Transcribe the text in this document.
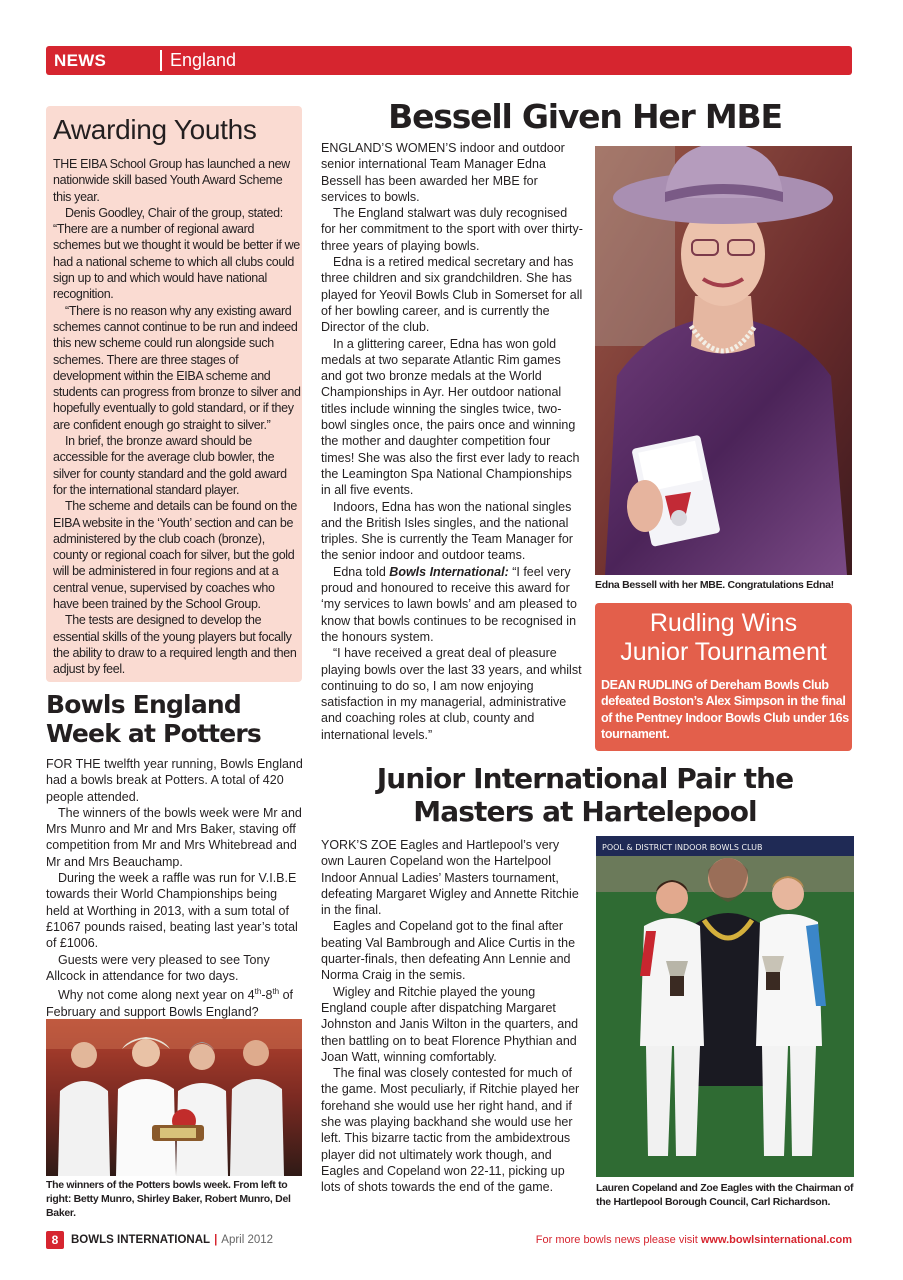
NEWS	England
Awarding Youths

THE EIBA School Group has launched a new nationwide skill based Youth Award Scheme this year.

Denis Goodley, Chair of the group, stated: “There are a number of regional award schemes but we thought it would be better if we had a national scheme to which all clubs could sign up to and which would have national recognition.

“There is no reason why any existing award schemes cannot continue to be run and indeed this new scheme could run alongside such schemes. There are three stages of development within the EIBA scheme and students can progress from bronze to silver and hopefully eventually to gold standard, or if they are confident enough go straight to silver.”

In brief, the bronze award should be accessible for the average club bowler, the silver for county standard and the gold award for the international standard player.

The scheme and details can be found on the EIBA website in the ‘Youth’ section and can be administered by the club coach (bronze), county or regional coach for silver, but the gold will be administered in four regions and at a central venue, supervised by coaches who have been trained by the School Group.

The tests are designed to develop the essential skills of the young players but focally the ability to draw to a required length and then adjust by feel.

Bowls England
Week at Potters

FOR THE twelfth year running, Bowls England had a bowls break at Potters. A total of 420 people attended.

The winners of the bowls week were Mr and Mrs Munro and Mr and Mrs Baker, staving off competition from Mr and Mrs Whitebread and Mr and Mrs Beauchamp.

During the week a raffle was run for V.I.B.E towards their World Championships being held at Worthing in 2013, with a sum total of £1067 pounds raised, beating last year’s total of £1006.

Guests were very pleased to see Tony Allcock in attendance for two days.

Why not come along next year on 4th-8th of February and support Bowls England?

The winners of the Potters bowls week. From left to right: Betty Munro, Shirley Baker, Robert Munro, Del Baker.
Bessell Given Her MBE

ENGLAND’S WOMEN’S indoor and outdoor senior international Team Manager Edna Bessell has been awarded her MBE for services to bowls.

The England stalwart was duly recognised for her commitment to the sport with over thirty-three years of playing bowls.

Edna is a retired medical secretary and has three children and six grandchildren. She has played for Yeovil Bowls Club in Somerset for all of her bowling career, and is currently the Director of the club.

In a glittering career, Edna has won gold medals at two separate Atlantic Rim games and got two bronze medals at the World Championships in Ayr. Her outdoor national titles include winning the singles twice, two-bowl singles once, the pairs once and winning the mother and daughter competition four times! She was also the first ever lady to reach the Leamington Spa National Championships in all five events.

Indoors, Edna has won the national singles and the British Isles singles, and the national triples. She is currently the Team Manager for the senior indoor and outdoor teams.

Edna told Bowls International: “I feel very proud and honoured to receive this award for ‘my services to lawn bowls’ and am pleased to know that bowls continues to be recognised in the honours system.

“I have received a great deal of pleasure playing bowls over the last 33 years, and whilst continuing to do so, I am now enjoying satisfaction in my managerial, administrative and coaching roles at club, county and international levels.”

Edna Bessell with her MBE. Congratulations Edna!
Rudling Wins
Junior Tournament
DEAN RUDLING of Dereham Bowls Club defeated Boston’s Alex Simpson in the final of the Pentney Indoor Bowls Club under 16s tournament.
Junior International Pair the
Masters at Hartelepool

YORK’S ZOE Eagles and Hartlepool’s very own Lauren Copeland won the Hartelpool Indoor Annual Ladies’ Masters tournament, defeating Margaret Wigley and Annette Ritchie in the final.

Eagles and Copeland got to the final after beating Val Bambrough and Alice Curtis in the quarter-finals, then defeating Ann Lennie and Norma Craig in the semis.

Wigley and Ritchie played the young England couple after dispatching Margaret Johnston and Janis Wilton in the quarters, and then battling on to beat Florence Phythian and Joan Watt, winning comfortably.

The final was closely contested for much of the game. Most peculiarly, if Ritchie played her forehand she would use her right hand, and if she was playing backhand she would use her left. This bizarre tactic from the ambidextrous player did not ultimately work though, and Eagles and Copeland won 22-11, picking up lots of shots towards the end of the game.

POOL & DISTRICT INDOOR BOWLS CLUB
Lauren Copeland and Zoe Eagles with the Chairman of the Hartlepool Borough Council, Carl Richardson.
8	BOWLS INTERNATIONAL | April 2012	For more bowls news please visit www.bowlsinternational.com
